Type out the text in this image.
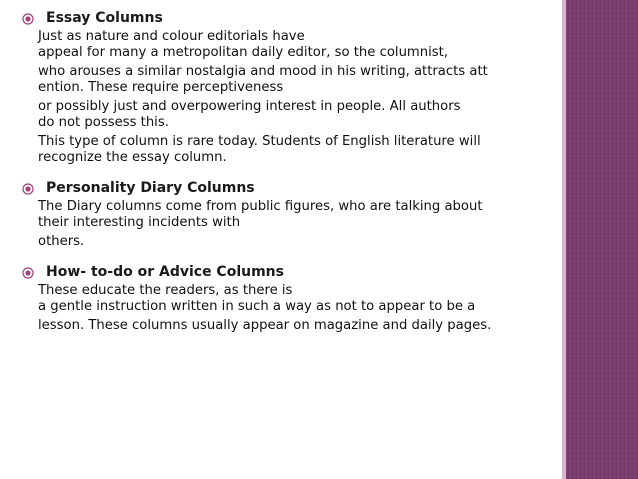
Essay Columns

Just as nature and colour editorials have
appeal for many a metropolitan daily editor, so the columnist,

who arouses a similar nostalgia and mood in his writing, attracts att
ention. These require perceptiveness

or possibly just and overpowering interest in people. All authors
do not possess this.

This type of column is rare today. Students of English literature will
recognize the essay column.

Personality Diary Columns

The Diary columns come from public figures, who are talking about
their interesting incidents with

others.

How- to-do or Advice Columns

These educate the readers, as there is
a gentle instruction written in such a way as not to appear to be a

lesson. These columns usually appear on magazine and daily pages.
